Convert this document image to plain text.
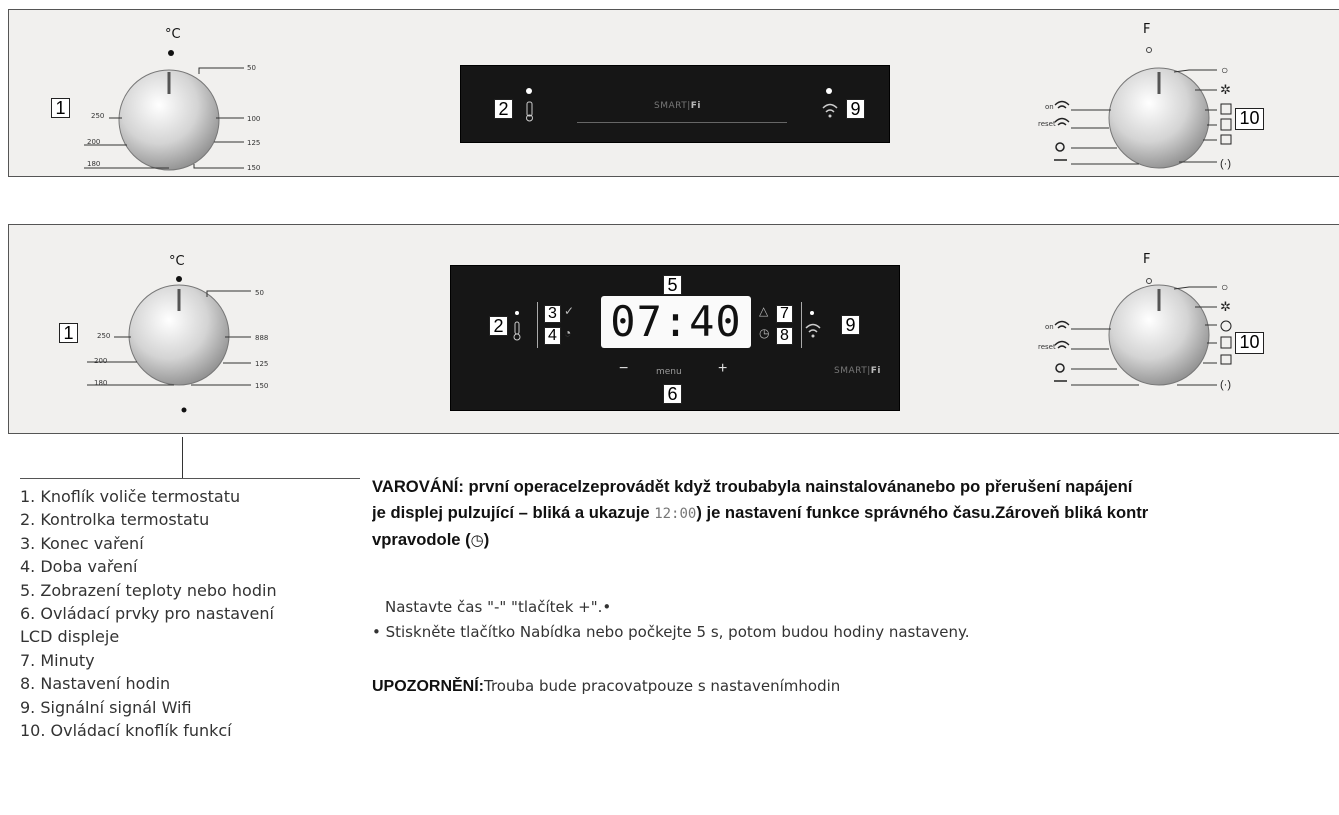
°C
250
200
180
50
100
125
150
F
on
reset
○
✲
(·)
1	10
2	SMART|Fi	9
°C
250
200
180
50
888
125
150
F
on
reset
○
✲
(·)
1	10
5
2
3
4
✓
◔ 07:40	△
◷
7
8
9
−	menu +
6
SMART|Fi
1. Knoflík voliče termostatu
2. Kontrolka termostatu
3. Konec vaření
4. Doba vaření
5. Zobrazení teploty nebo hodin
6. Ovládací prvky pro nastavení
LCD displeje
7. Minuty
8. Nastavení hodin
9. Signální signál Wifi
10. Ovládací knoflík funkcí
VAROVÁNÍ: první operacelzeprovádět když troubabyla nainstalovánanebo po přerušení napájení
je displej pulzující – bliká a ukazuje 12:00) je nastavení funkce správného času.Zároveň bliká kontr
vpravodole (◷)
Nastavte čas "-" "tlačítek +".•
• Stiskněte tlačítko Nabídka nebo počkejte 5 s, potom budou hodiny nastaveny.
UPOZORNĚNÍ:Trouba bude pracovatpouze s nastavenímhodin
